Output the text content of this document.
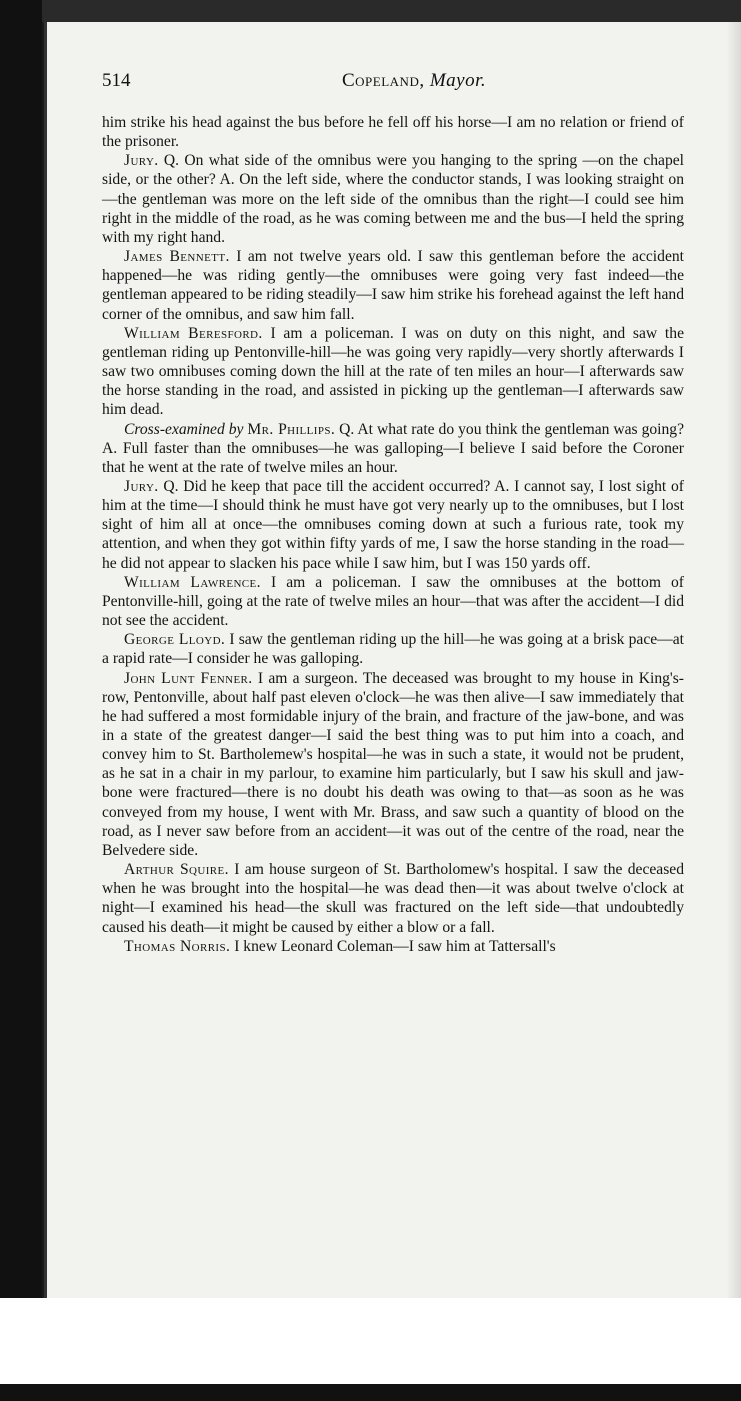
514	Copeland, Mayor.

him strike his head against the bus before he fell off his horse—I am no relation or friend of the prisoner.

Jury. Q. On what side of the omnibus were you hanging to the spring —on the chapel side, or the other? A. On the left side, where the conductor stands, I was looking straight on—the gentleman was more on the left side of the omnibus than the right—I could see him right in the middle of the road, as he was coming between me and the bus—I held the spring with my right hand.

James Bennett. I am not twelve years old. I saw this gentleman before the accident happened—he was riding gently—the omnibuses were going very fast indeed—the gentleman appeared to be riding steadily—I saw him strike his forehead against the left hand corner of the omnibus, and saw him fall.

William Beresford. I am a policeman. I was on duty on this night, and saw the gentleman riding up Pentonville-hill—he was going very rapidly—very shortly afterwards I saw two omnibuses coming down the hill at the rate of ten miles an hour—I afterwards saw the horse standing in the road, and assisted in picking up the gentleman—I afterwards saw him dead.

Cross-examined by Mr. Phillips. Q. At what rate do you think the gentleman was going? A. Full faster than the omnibuses—he was galloping—I believe I said before the Coroner that he went at the rate of twelve miles an hour.

Jury. Q. Did he keep that pace till the accident occurred? A. I cannot say, I lost sight of him at the time—I should think he must have got very nearly up to the omnibuses, but I lost sight of him all at once—the omnibuses coming down at such a furious rate, took my attention, and when they got within fifty yards of me, I saw the horse standing in the road—he did not appear to slacken his pace while I saw him, but I was 150 yards off.

William Lawrence. I am a policeman. I saw the omnibuses at the bottom of Pentonville-hill, going at the rate of twelve miles an hour—that was after the accident—I did not see the accident.

George Lloyd. I saw the gentleman riding up the hill—he was going at a brisk pace—at a rapid rate—I consider he was galloping.

John Lunt Fenner. I am a surgeon. The deceased was brought to my house in King's-row, Pentonville, about half past eleven o'clock—he was then alive—I saw immediately that he had suffered a most formidable injury of the brain, and fracture of the jaw-bone, and was in a state of the greatest danger—I said the best thing was to put him into a coach, and convey him to St. Bartholemew's hospital—he was in such a state, it would not be prudent, as he sat in a chair in my parlour, to examine him particularly, but I saw his skull and jaw-bone were fractured—there is no doubt his death was owing to that—as soon as he was conveyed from my house, I went with Mr. Brass, and saw such a quantity of blood on the road, as I never saw before from an accident—it was out of the centre of the road, near the Belvedere side.

Arthur Squire. I am house surgeon of St. Bartholomew's hospital. I saw the deceased when he was brought into the hospital—he was dead then—it was about twelve o'clock at night—I examined his head—the skull was fractured on the left side—that undoubtedly caused his death—it might be caused by either a blow or a fall.

Thomas Norris. I knew Leonard Coleman—I saw him at Tattersall's
